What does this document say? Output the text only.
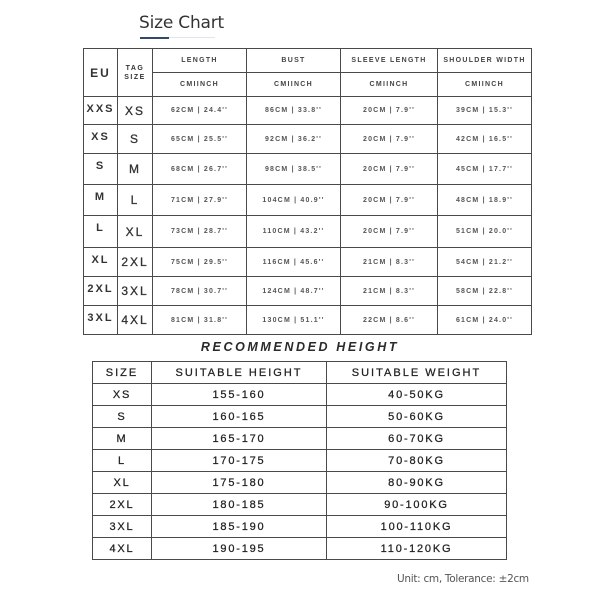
Size Chart
EU	TAG SIZE	LENGTH	BUST	SLEEVE LENGTH	SHOULDER WIDTH
		CMIINCH	CMIINCH	CMIINCH	CMIINCH
XXS	XS	62CM | 24.4''	86CM | 33.8''	20CM | 7.9''	39CM | 15.3''
XS	S	65CM | 25.5''	92CM | 36.2''	20CM | 7.9''	42CM | 16.5''
S	M	68CM | 26.7''	98CM | 38.5''	20CM | 7.9''	45CM | 17.7''
M	L	71CM | 27.9''	104CM | 40.9''	20CM | 7.9''	48CM | 18.9''
L	XL	73CM | 28.7''	110CM | 43.2''	20CM | 7.9''	51CM | 20.0''
XL	2XL	75CM | 29.5''	116CM | 45.6''	21CM | 8.3''	54CM | 21.2''
2XL	3XL	78CM | 30.7''	124CM | 48.7''	21CM | 8.3''	58CM | 22.8''
3XL	4XL	81CM | 31.8''	130CM | 51.1''	22CM | 8.6''	61CM | 24.0''
RECOMMENDED HEIGHT
SIZE	SUITABLE HEIGHT	SUITABLE WEIGHT
XS	155-160	40-50KG
S	160-165	50-60KG
M	165-170	60-70KG
L	170-175	70-80KG
XL	175-180	80-90KG
2XL	180-185	90-100KG
3XL	185-190	100-110KG
4XL	190-195	110-120KG
Unit: cm, Tolerance: ±2cm
